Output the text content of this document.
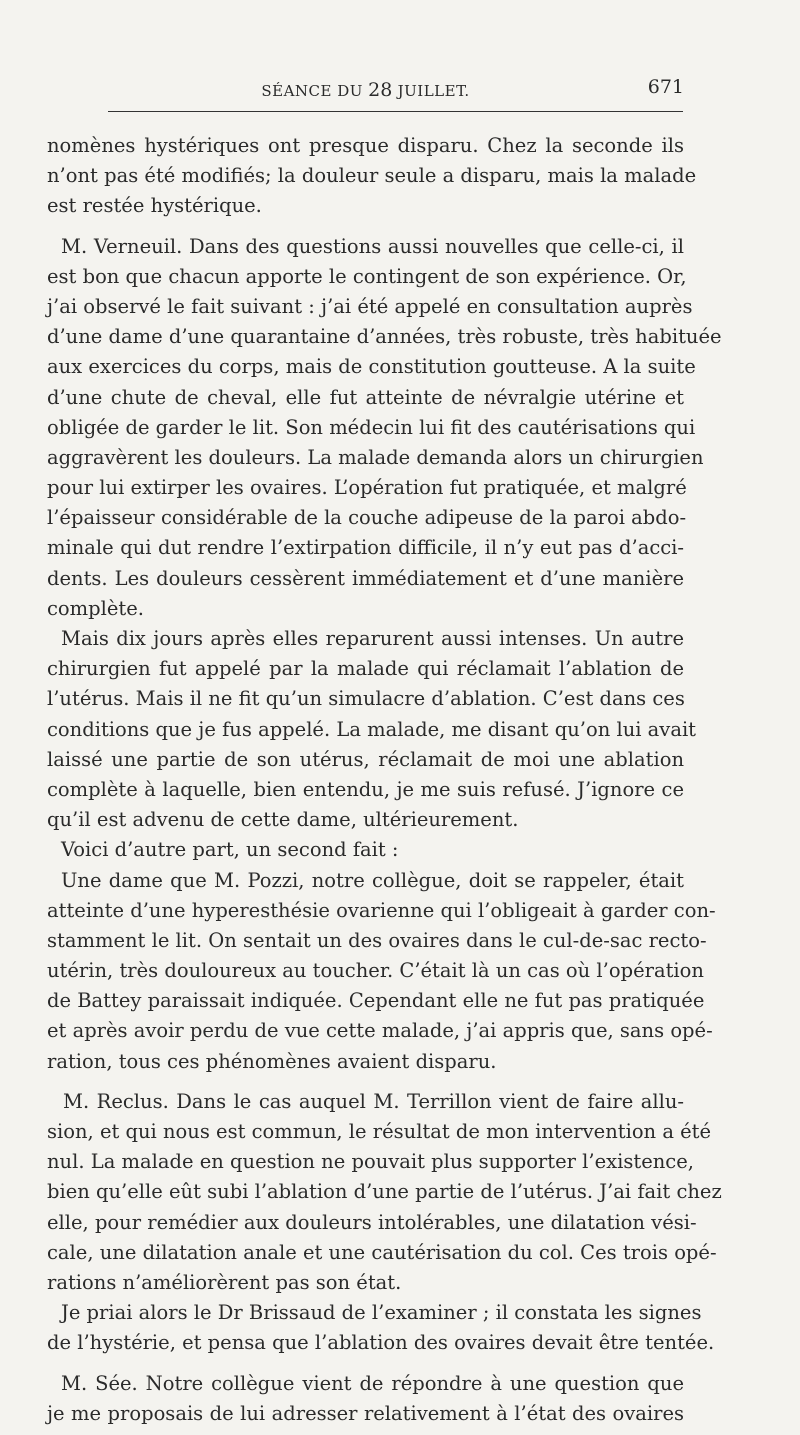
SÉANCE DU 28 JUILLET.	671
nomènes hystériques ont presque disparu. Chez la seconde ils
n’ont pas été modifiés; la douleur seule a disparu, mais la malade
est restée hystérique.
M. Verneuil. Dans des questions aussi nouvelles que celle-ci, il
est bon que chacun apporte le contingent de son expérience. Or,
j’ai observé le fait suivant : j’ai été appelé en consultation auprès
d’une dame d’une quarantaine d’années, très robuste, très habituée
aux exercices du corps, mais de constitution goutteuse. A la suite
d’une chute de cheval, elle fut atteinte de névralgie utérine et
obligée de garder le lit. Son médecin lui fit des cautérisations qui
aggravèrent les douleurs. La malade demanda alors un chirurgien
pour lui extirper les ovaires. L’opération fut pratiquée, et malgré
l’épaisseur considérable de la couche adipeuse de la paroi abdo-
minale qui dut rendre l’extirpation difficile, il n’y eut pas d’acci-
dents. Les douleurs cessèrent immédiatement et d’une manière
complète.
Mais dix jours après elles reparurent aussi intenses. Un autre
chirurgien fut appelé par la malade qui réclamait l’ablation de
l’utérus. Mais il ne fit qu’un simulacre d’ablation. C’est dans ces
conditions que je fus appelé. La malade, me disant qu’on lui avait
laissé une partie de son utérus, réclamait de moi une ablation
complète à laquelle, bien entendu, je me suis refusé. J’ignore ce
qu’il est advenu de cette dame, ultérieurement.
Voici d’autre part, un second fait :
Une dame que M. Pozzi, notre collègue, doit se rappeler, était
atteinte d’une hyperesthésie ovarienne qui l’obligeait à garder con-
stamment le lit. On sentait un des ovaires dans le cul-de-sac recto-
utérin, très douloureux au toucher. C’était là un cas où l’opération
de Battey paraissait indiquée. Cependant elle ne fut pas pratiquée
et après avoir perdu de vue cette malade, j’ai appris que, sans opé-
ration, tous ces phénomènes avaient disparu.
M. Reclus. Dans le cas auquel M. Terrillon vient de faire allu-
sion, et qui nous est commun, le résultat de mon intervention a été
nul. La malade en question ne pouvait plus supporter l’existence,
bien qu’elle eût subi l’ablation d’une partie de l’utérus. J’ai fait chez
elle, pour remédier aux douleurs intolérables, une dilatation vési-
cale, une dilatation anale et une cautérisation du col. Ces trois opé-
rations n’améliorèrent pas son état.
Je priai alors le Dr Brissaud de l’examiner ; il constata les signes
de l’hystérie, et pensa que l’ablation des ovaires devait être tentée.
M. Sée. Notre collègue vient de répondre à une question que
je me proposais de lui adresser relativement à l’état des ovaires
